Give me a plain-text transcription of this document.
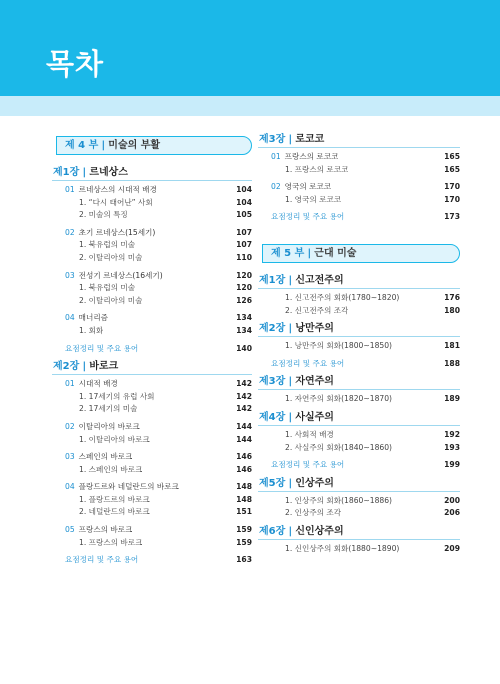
목차
제 4 부 | 미술의 부활
제1장 | 르네상스
01 르네상스의 시대적 배경	104
1. “다시 태어난” 사회	104
2. 미술의 특징	105
02 초기 르네상스(15세기)	107
1. 북유럽의 미술	107
2. 이탈리아의 미술	110
03 전성기 르네상스(16세기)	120
1. 북유럽의 미술	120
2. 이탈리아의 미술	126
04 매너리즘	134
1. 회화	134
요점정리 및 주요 용어	140
제2장 | 바로크
01 시대적 배경	142
1. 17세기의 유럽 사회	142
2. 17세기의 미술	142
02 이탈리아의 바로크	144
1. 이탈리아의 바로크	144
03 스페인의 바로크	146
1. 스페인의 바로크	146
04 플랑드르와 네덜란드의 바로크	148
1. 플랑드르의 바로크	148
2. 네덜란드의 바로크	151
05 프랑스의 바로크	159
1. 프랑스의 바로크	159
요점정리 및 주요 용어	163
제3장 | 로코코
01 프랑스의 로코코	165
1. 프랑스의 로코코	165
02 영국의 로코코	170
1. 영국의 로코코	170
요점정리 및 주요 용어	173
제 5 부 | 근대 미술
제1장 | 신고전주의
1. 신고전주의 회화(1780~1820)	176
2. 신고전주의 조각	180
제2장 | 낭만주의
1. 낭만주의 회화(1800~1850)	181
요점정리 및 주요 용어	188
제3장 | 자연주의
1. 자연주의 회화(1820~1870)	189
제4장 | 사실주의
1. 사회적 배경	192
2. 사실주의 회화(1840~1860)	193
요점정리 및 주요 용어	199
제5장 | 인상주의
1. 인상주의 회화(1860~1886)	200
2. 인상주의 조각	206
제6장 | 신인상주의
1. 신인상주의 회화(1880~1890)	209
